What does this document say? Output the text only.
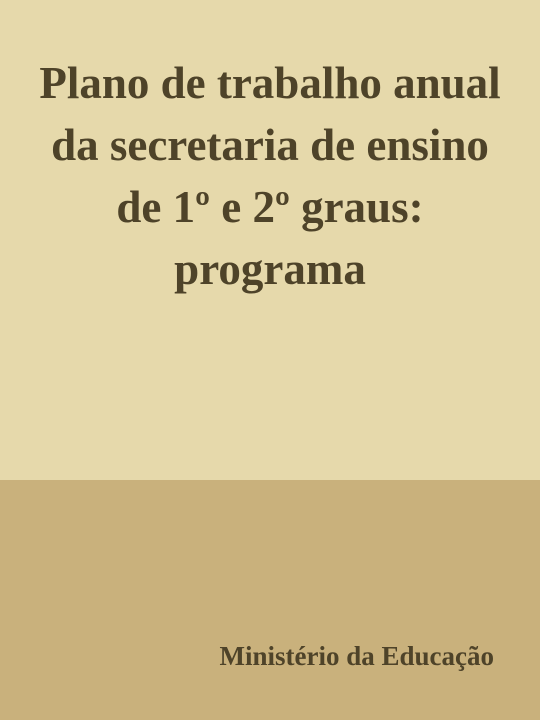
Plano de trabalho anual da secretaria de ensino de 1º e 2º graus: programa

Ministério da Educação
